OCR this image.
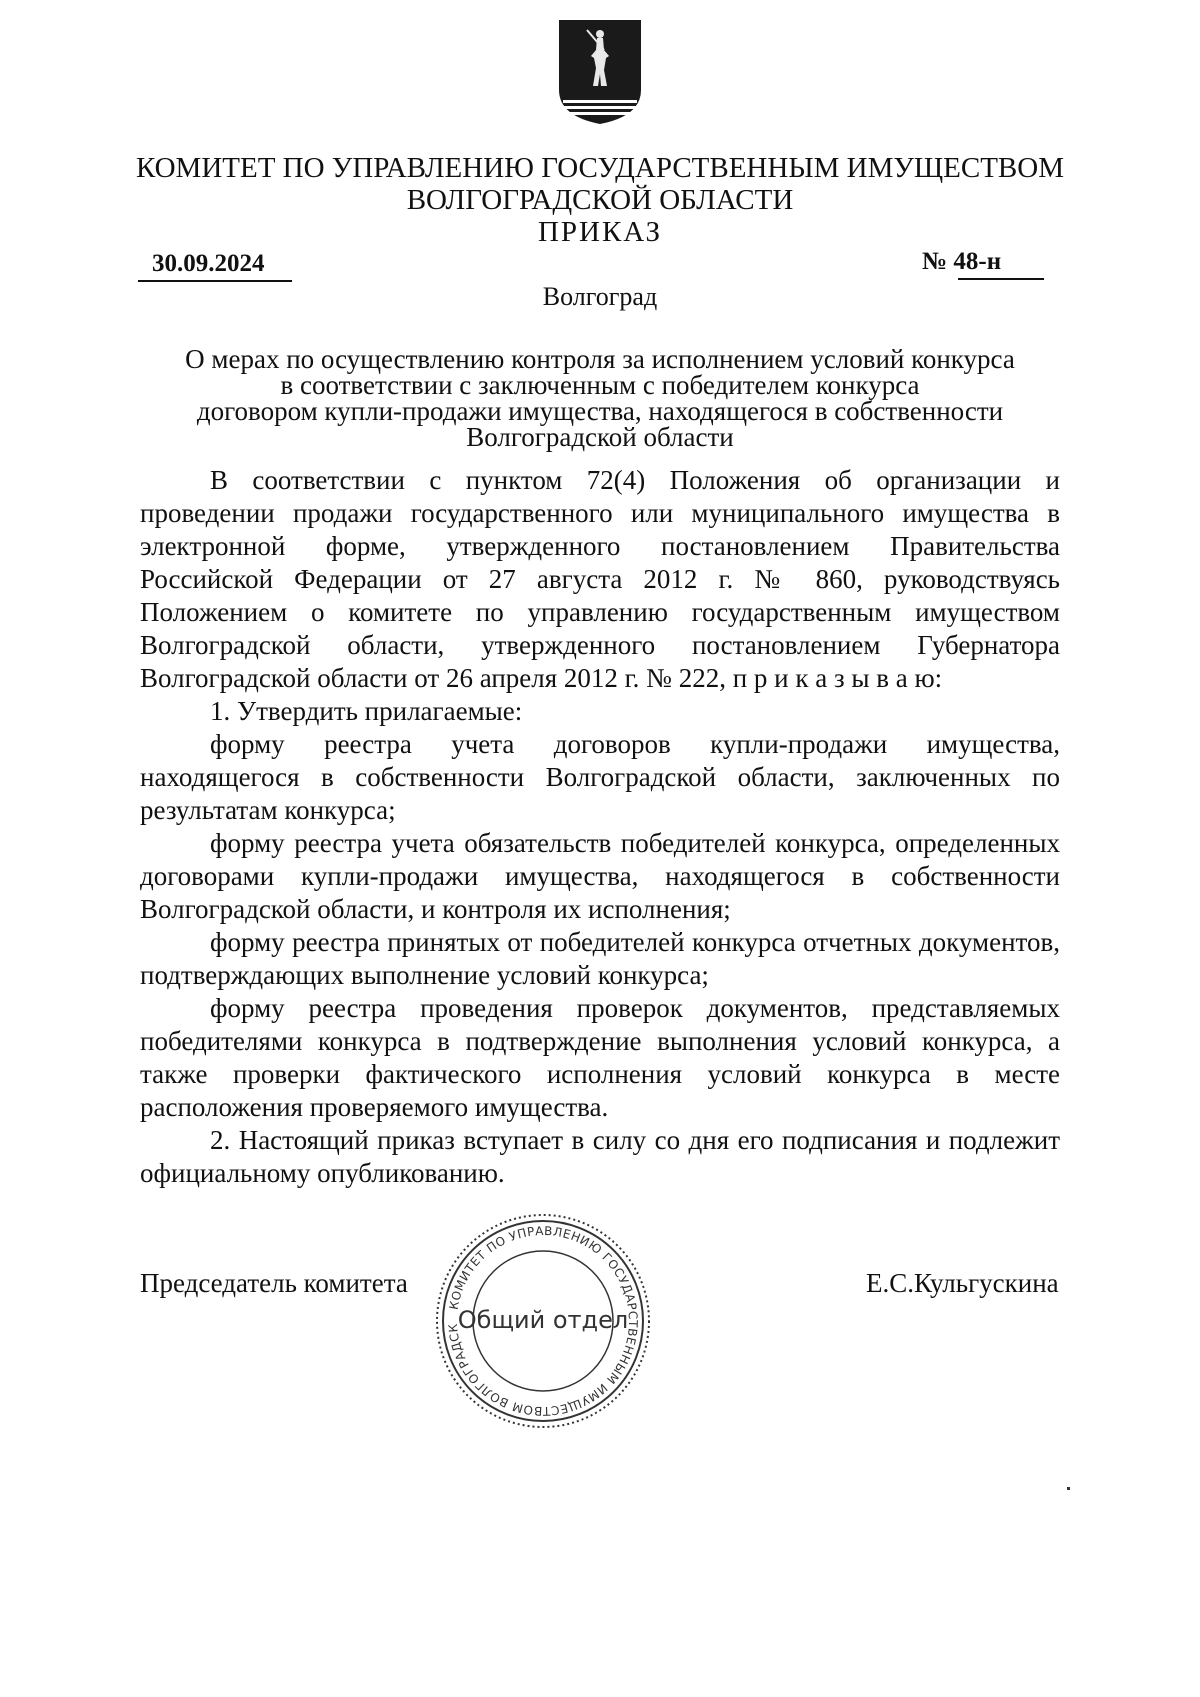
КОМИТЕТ ПО УПРАВЛЕНИЮ ГОСУДАРСТВЕННЫМ ИМУЩЕСТВОМ
ВОЛГОГРАДСКОЙ ОБЛАСТИ
ПРИКАЗ
30.09.2024	№ 48-н
Волгоград
О мерах по осуществлению контроля за исполнением условий конкурса
в соответствии с заключенным с победителем конкурса
договором купли-продажи имущества, находящегося в собственности
Волгоградской области

В соответствии с пунктом 72(4) Положения об организации и проведении продажи государственного или муниципального имущества в электронной форме, утвержденного постановлением Правительства Российской Федерации от 27 августа 2012 г. № 860, руководствуясь Положением о комитете по управлению государственным имуществом Волгоградской области, утвержденного постановлением Губернатора Волгоградской области от 26 апреля 2012 г. № 222, п р и к а з ы в а ю:

1. Утвердить прилагаемые:

форму реестра учета договоров купли-продажи имущества, находящегося в собственности Волгоградской области, заключенных по результатам конкурса;

форму реестра учета обязательств победителей конкурса, определенных договорами купли-продажи имущества, находящегося в собственности Волгоградской области, и контроля их исполнения;

форму реестра принятых от победителей конкурса отчетных документов, подтверждающих выполнение условий конкурса;

форму реестра проведения проверок документов, представляемых победителями конкурса в подтверждение выполнения условий конкурса, а также проверки фактического исполнения условий конкурса в месте расположения проверяемого имущества.

2. Настоящий приказ вступает в силу со дня его подписания и подлежит официальному опубликованию.

Председатель комитета	Е.С.Кульгускина
КОМИТЕТ ПО УПРАВЛЕНИЮ ГОСУДАРСТВЕННЫМ ИМУЩЕСТВОМ ВОЛГОГРАДСК
Общий отдел
